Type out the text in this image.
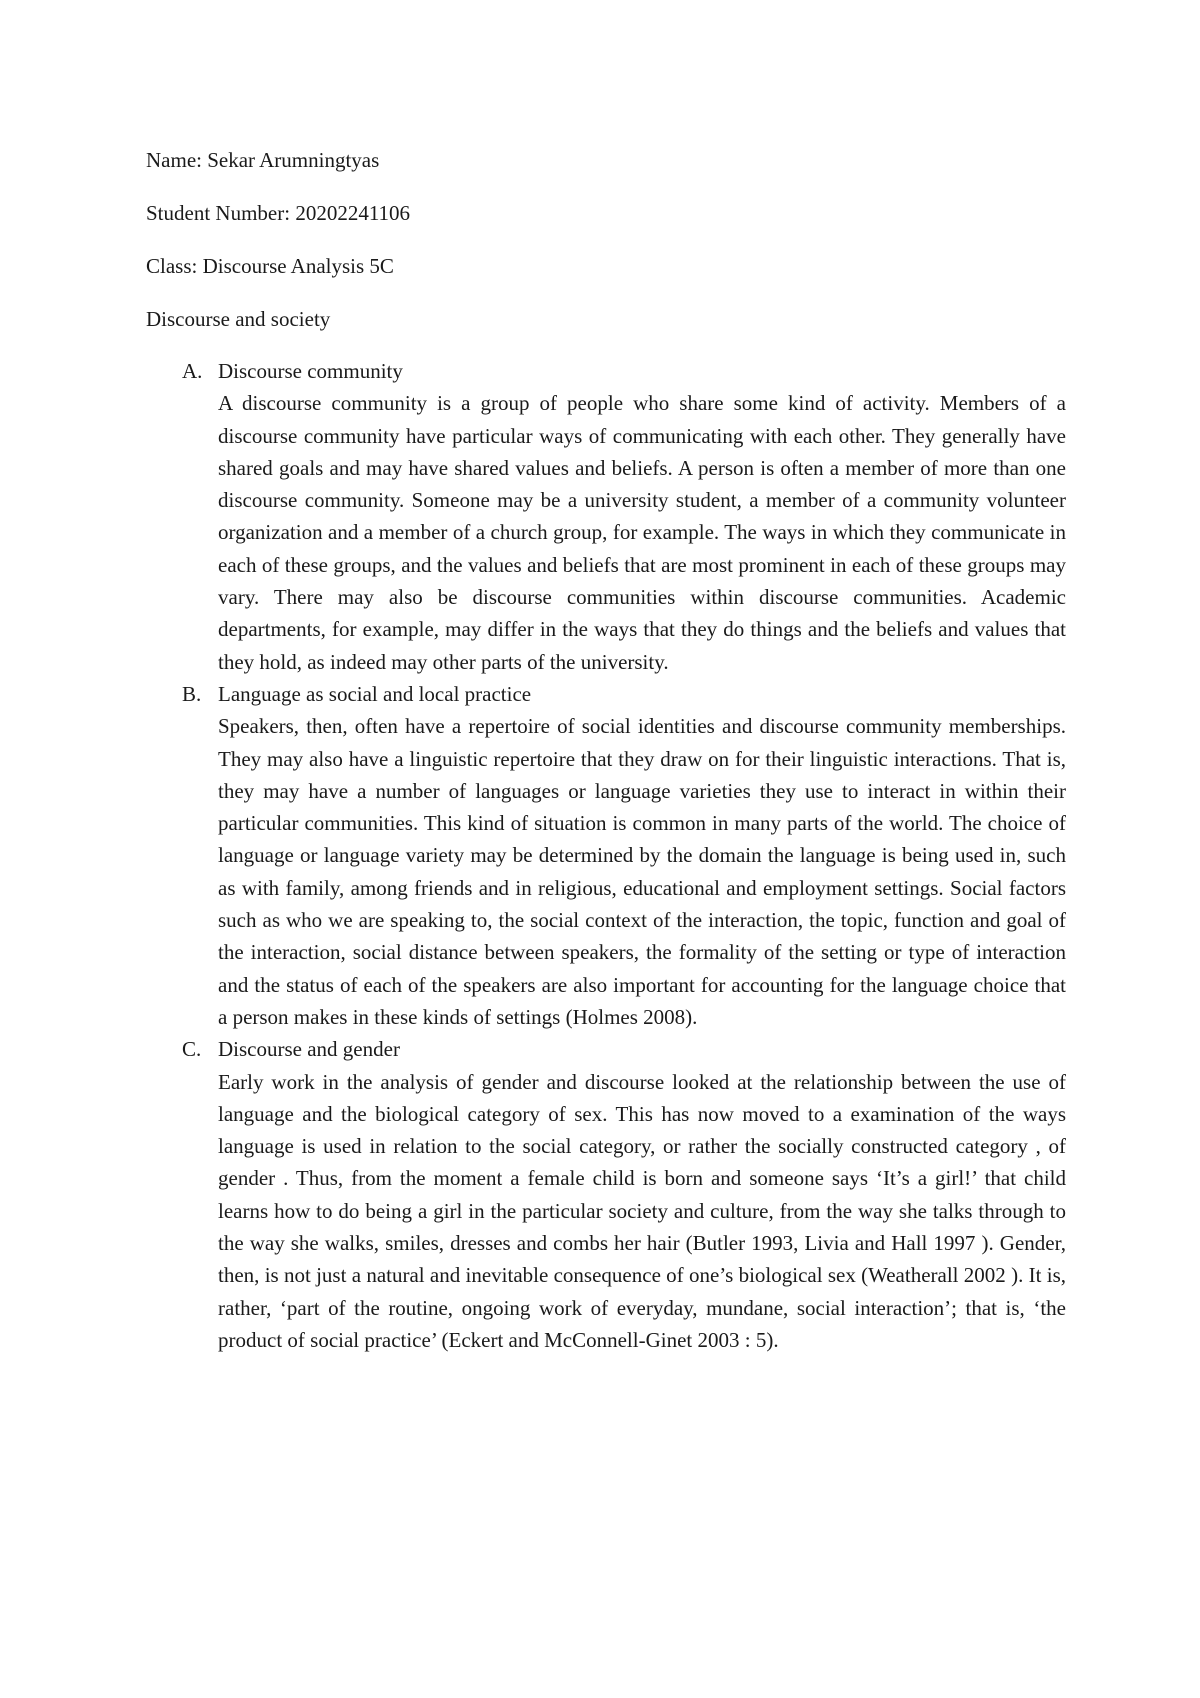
Name: Sekar Arumningtyas
Student Number: 20202241106
Class: Discourse Analysis 5C
Discourse and society
A. Discourse community
A discourse community is a group of people who share some kind of activity. Members of a discourse community have particular ways of communicating with each other. They generally have shared goals and may have shared values and beliefs. A person is often a member of more than one discourse community. Someone may be a university student, a member of a community volunteer organization and a member of a church group, for example. The ways in which they communicate in each of these groups, and the values and beliefs that are most prominent in each of these groups may vary. There may also be discourse communities within discourse communities. Academic departments, for example, may differ in the ways that they do things and the beliefs and values that they hold, as indeed may other parts of the university.
B. Language as social and local practice
Speakers, then, often have a repertoire of social identities and discourse community memberships. They may also have a linguistic repertoire that they draw on for their linguistic interactions. That is, they may have a number of languages or language varieties they use to interact in within their particular communities. This kind of situation is common in many parts of the world. The choice of language or language variety may be determined by the domain the language is being used in, such as with family, among friends and in religious, educational and employment settings. Social factors such as who we are speaking to, the social context of the interaction, the topic, function and goal of the interaction, social distance between speakers, the formality of the setting or type of interaction and the status of each of the speakers are also important for accounting for the language choice that a person makes in these kinds of settings (Holmes 2008).
C. Discourse and gender
Early work in the analysis of gender and discourse looked at the relationship between the use of language and the biological category of sex. This has now moved to a examination of the ways language is used in relation to the social category, or rather the socially constructed category , of gender . Thus, from the moment a female child is born and someone says ‘It’s a girl!’ that child learns how to do being a girl in the particular society and culture, from the way she talks through to the way she walks, smiles, dresses and combs her hair (Butler 1993, Livia and Hall 1997 ). Gender, then, is not just a natural and inevitable consequence of one’s biological sex (Weatherall 2002 ). It is, rather, ‘part of the routine, ongoing work of everyday, mundane, social interaction’; that is, ‘the product of social practice’ (Eckert and McConnell-Ginet 2003 : 5).
